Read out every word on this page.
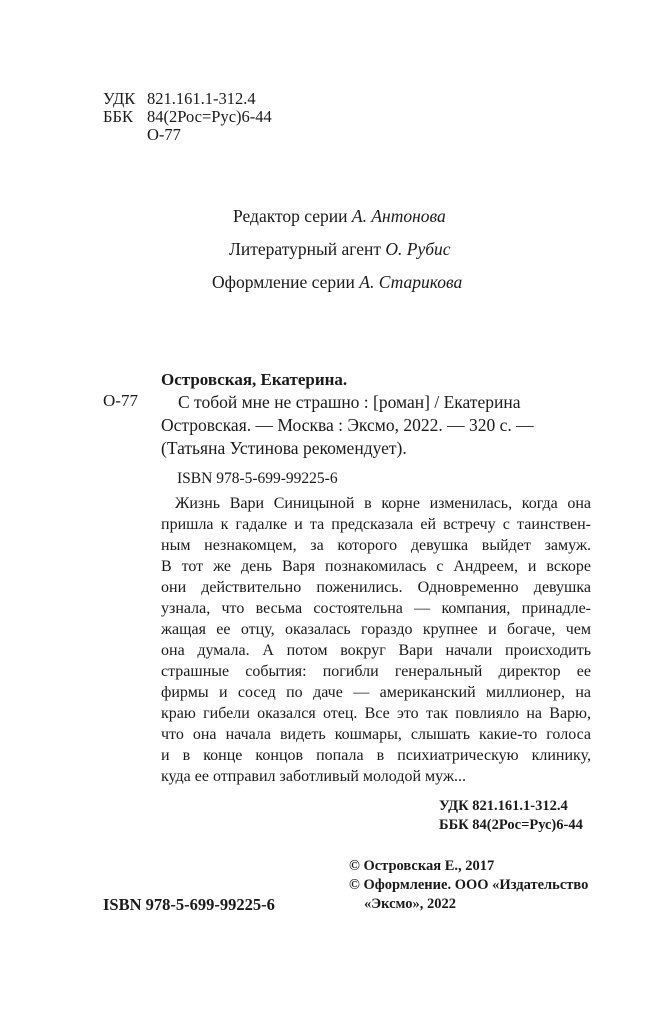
УДК 821.161.1-312.4
ББК 84(2Рос=Рус)6-44
О-77
Редактор серии А. Антонова
Литературный агент О. Рубис
Оформление серии А. Старикова
Островская, Екатерина.
О-77 С тобой мне не страшно : [роман] / Екатерина
Островская. — Москва : Эксмо, 2022. — 320 с. —
(Татьяна Устинова рекомендует).
ISBN 978-5-699-99225-6
Жизнь Вари Синицыной в корне изменилась, когда она
пришла к гадалке и та предсказала ей встречу с таинствен-
ным незнакомцем, за которого девушка выйдет замуж.
В тот же день Варя познакомилась с Андреем, и вскоре
они действительно поженились. Одновременно девушка
узнала, что весьма состоятельна — компания, принадле-
жащая ее отцу, оказалась гораздо крупнее и богаче, чем
она думала. А потом вокруг Вари начали происходить
страшные события: погибли генеральный директор ее
фирмы и сосед по даче — американский миллионер, на
краю гибели оказался отец. Все это так повлияло на Варю,
что она начала видеть кошмары, слышать какие-то голоса
и в конце концов попала в психиатрическую клинику,
куда ее отправил заботливый молодой муж...
УДК 821.161.1-312.4
ББК 84(2Рос=Рус)6-44
© Островская Е., 2017
© Оформление. ООО «Издательство
«Эксмо», 2022
ISBN 978-5-699-99225-6
